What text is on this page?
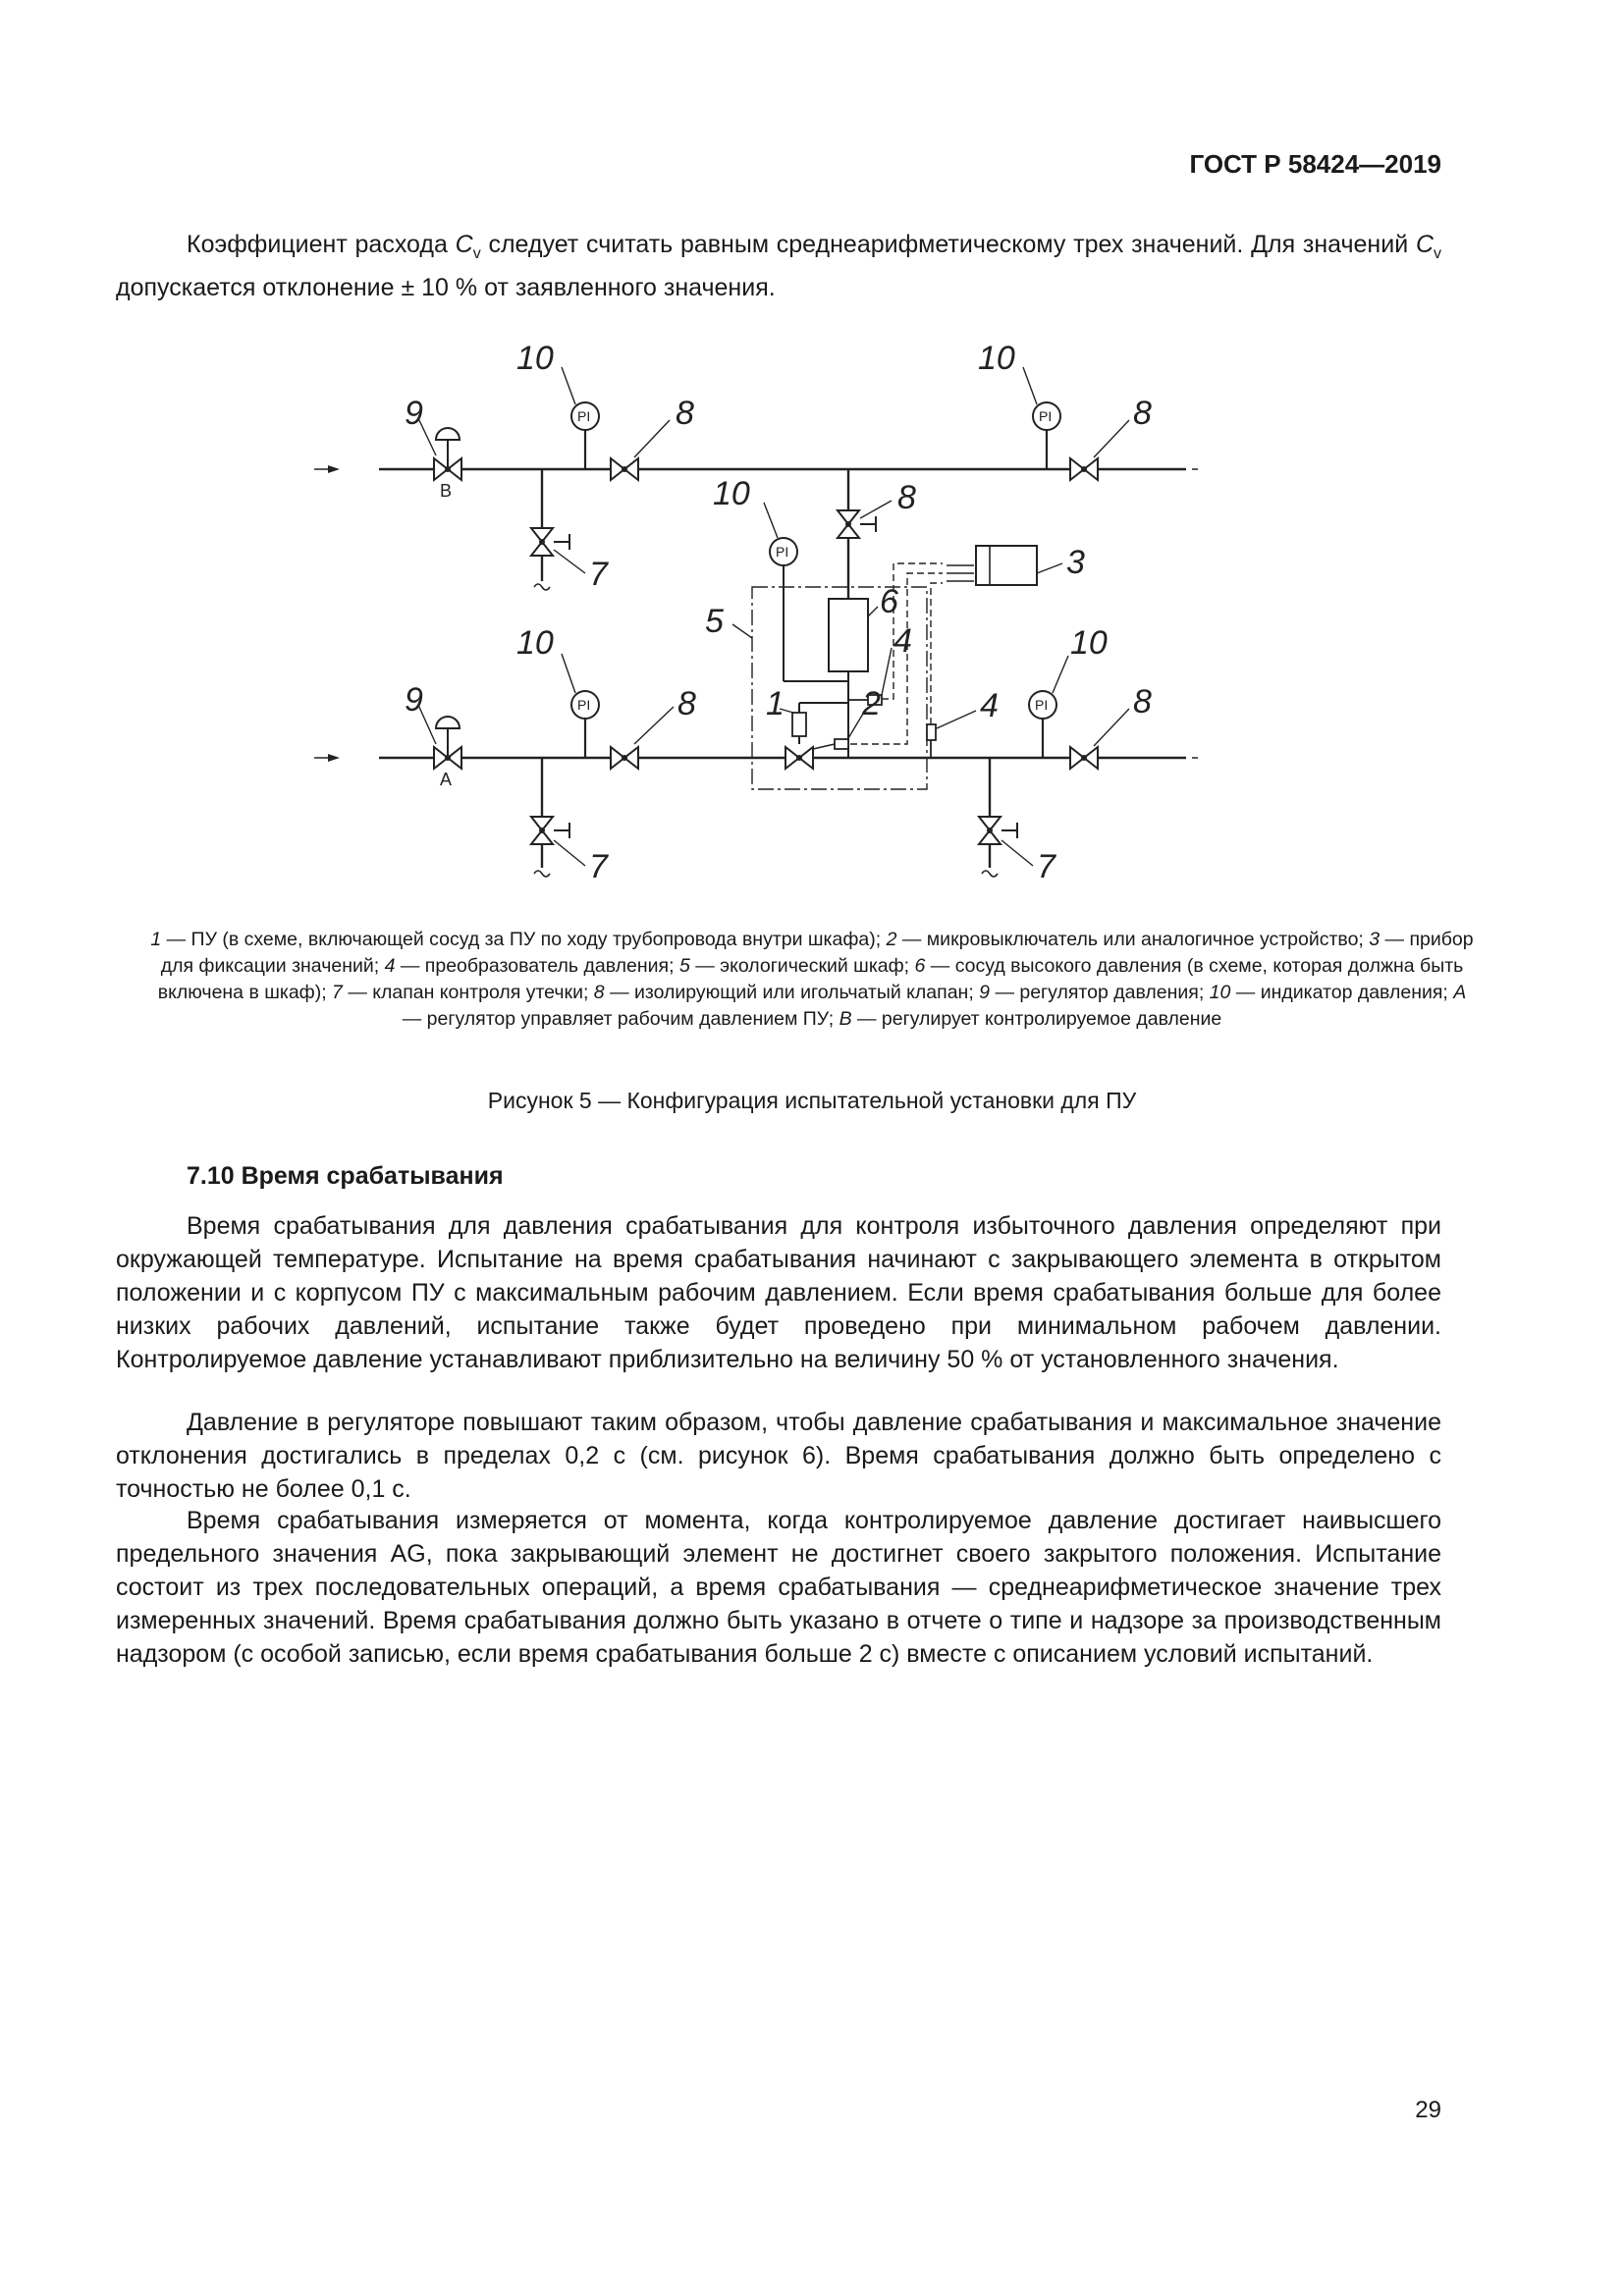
ГОСТ Р 58424—2019

Коэффициент расхода $C_v$ следует считать равным среднеарифметическому трех значений. Для значений $C_v$ допускается отклонение ± 10 % от заявленного значения.

PI	PI
PI	PI
PI
10	10
10
10	10
9
9
8	8
8
8	8
7
7	7
6
5
4
4
3
2
1
B
A

1 — ПУ (в схеме, включающей сосуд за ПУ по ходу трубопровода внутри шкафа); 2 — микровыключатель или аналогичное устройство; 3 — прибор для фиксации значений; 4 — преобразователь давления; 5 — экологический шкаф; 6 — сосуд высокого давления (в схеме, которая должна быть включена в шкаф); 7 — клапан контроля утечки; 8 — изолирующий или игольчатый клапан; 9 — регулятор давления; 10 — индикатор давления; A — регулятор управляет рабочим давлением ПУ; B — регулирует контролируемое давление

Рисунок 5 — Конфигурация испытательной установки для ПУ
7.10 Время срабатывания

Время срабатывания для давления срабатывания для контроля избыточного давления определяют при окружающей температуре. Испытание на время срабатывания начинают с закрывающего элемента в открытом положении и с корпусом ПУ с максимальным рабочим давлением. Если время срабатывания больше для более низких рабочих давлений, испытание также будет проведено при минимальном рабочем давлении. Контролируемое давление устанавливают приблизительно на величину 50 % от установленного значения.

Давление в регуляторе повышают таким образом, чтобы давление срабатывания и максимальное значение отклонения достигались в пределах 0,2 с (см. рисунок 6). Время срабатывания должно быть определено с точностью не более 0,1 с.

Время срабатывания измеряется от момента, когда контролируемое давление достигает наивысшего предельного значения AG, пока закрывающий элемент не достигнет своего закрытого положения. Испытание состоит из трех последовательных операций, а время срабатывания — среднеарифметическое значение трех измеренных значений. Время срабатывания должно быть указано в отчете о типе и надзоре за производственным надзором (с особой записью, если время срабатывания больше 2 с) вместе с описанием условий испытаний.

29
